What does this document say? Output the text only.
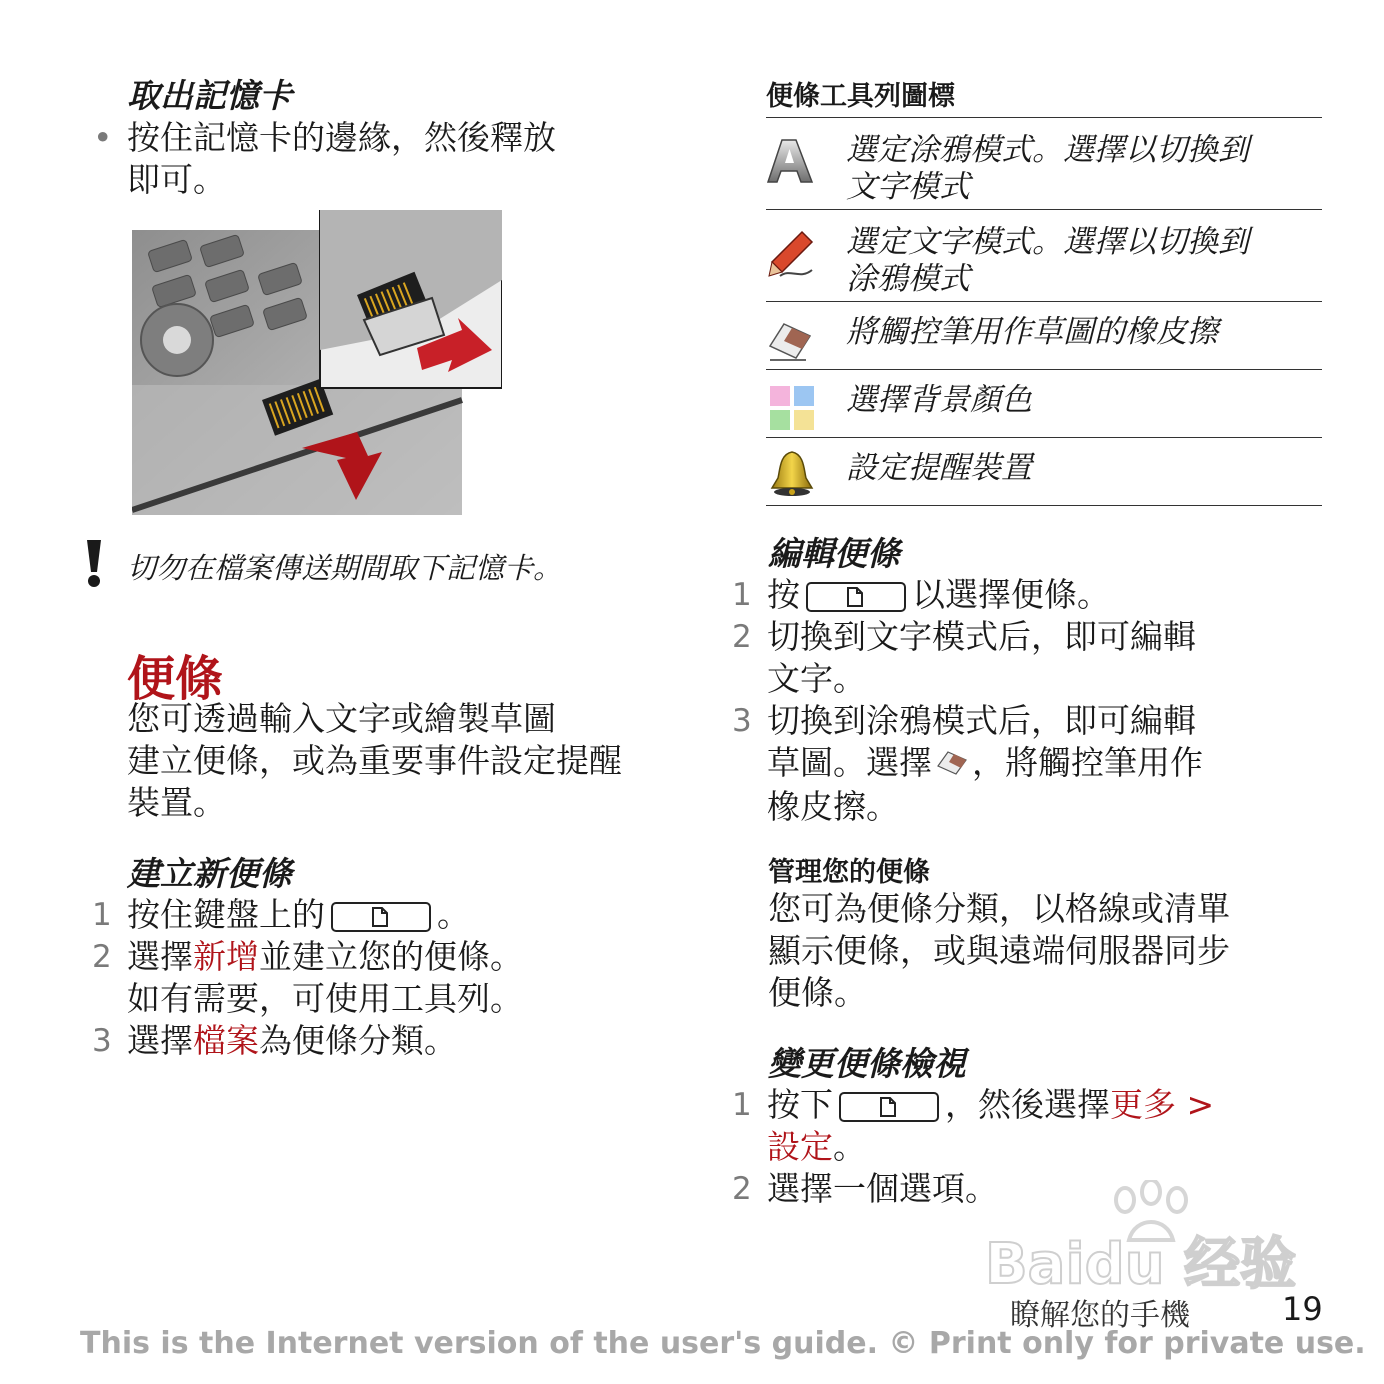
取出記憶卡
• 按住記憶卡的邊緣，然後釋放
即可。
切勿在檔案傳送期間取下記憶卡。
便條
您可透過輸入文字或繪製草圖
建立便條，或為重要事件設定提醒
裝置。
建立新便條
1 按住鍵盤上的	。
2 選擇新增並建立您的便條。
如有需要，可使用工具列。
3 選擇檔案為便條分類。
便條工具列圖標
選定涂鴉模式。選擇以切換到
文字模式
選定文字模式。選擇以切換到
涂鴉模式
將觸控筆用作草圖的橡皮擦
選擇背景顏色
設定提醒裝置
編輯便條
1 按	以選擇便條。
2 切換到文字模式后，即可編輯
文字。
3 切換到涂鴉模式后，即可編輯
草圖。選擇 ，將觸控筆用作
橡皮擦。
管理您的便條
您可為便條分類，以格線或清單
顯示便條，或與遠端伺服器同步
便條。
變更便條檢視
1 按下	，然後選擇更多 >
設定。
2 選擇一個選項。
Baidu 经验
瞭解您的手機	19
This is the Internet version of the user's guide. © Print only for private use.
